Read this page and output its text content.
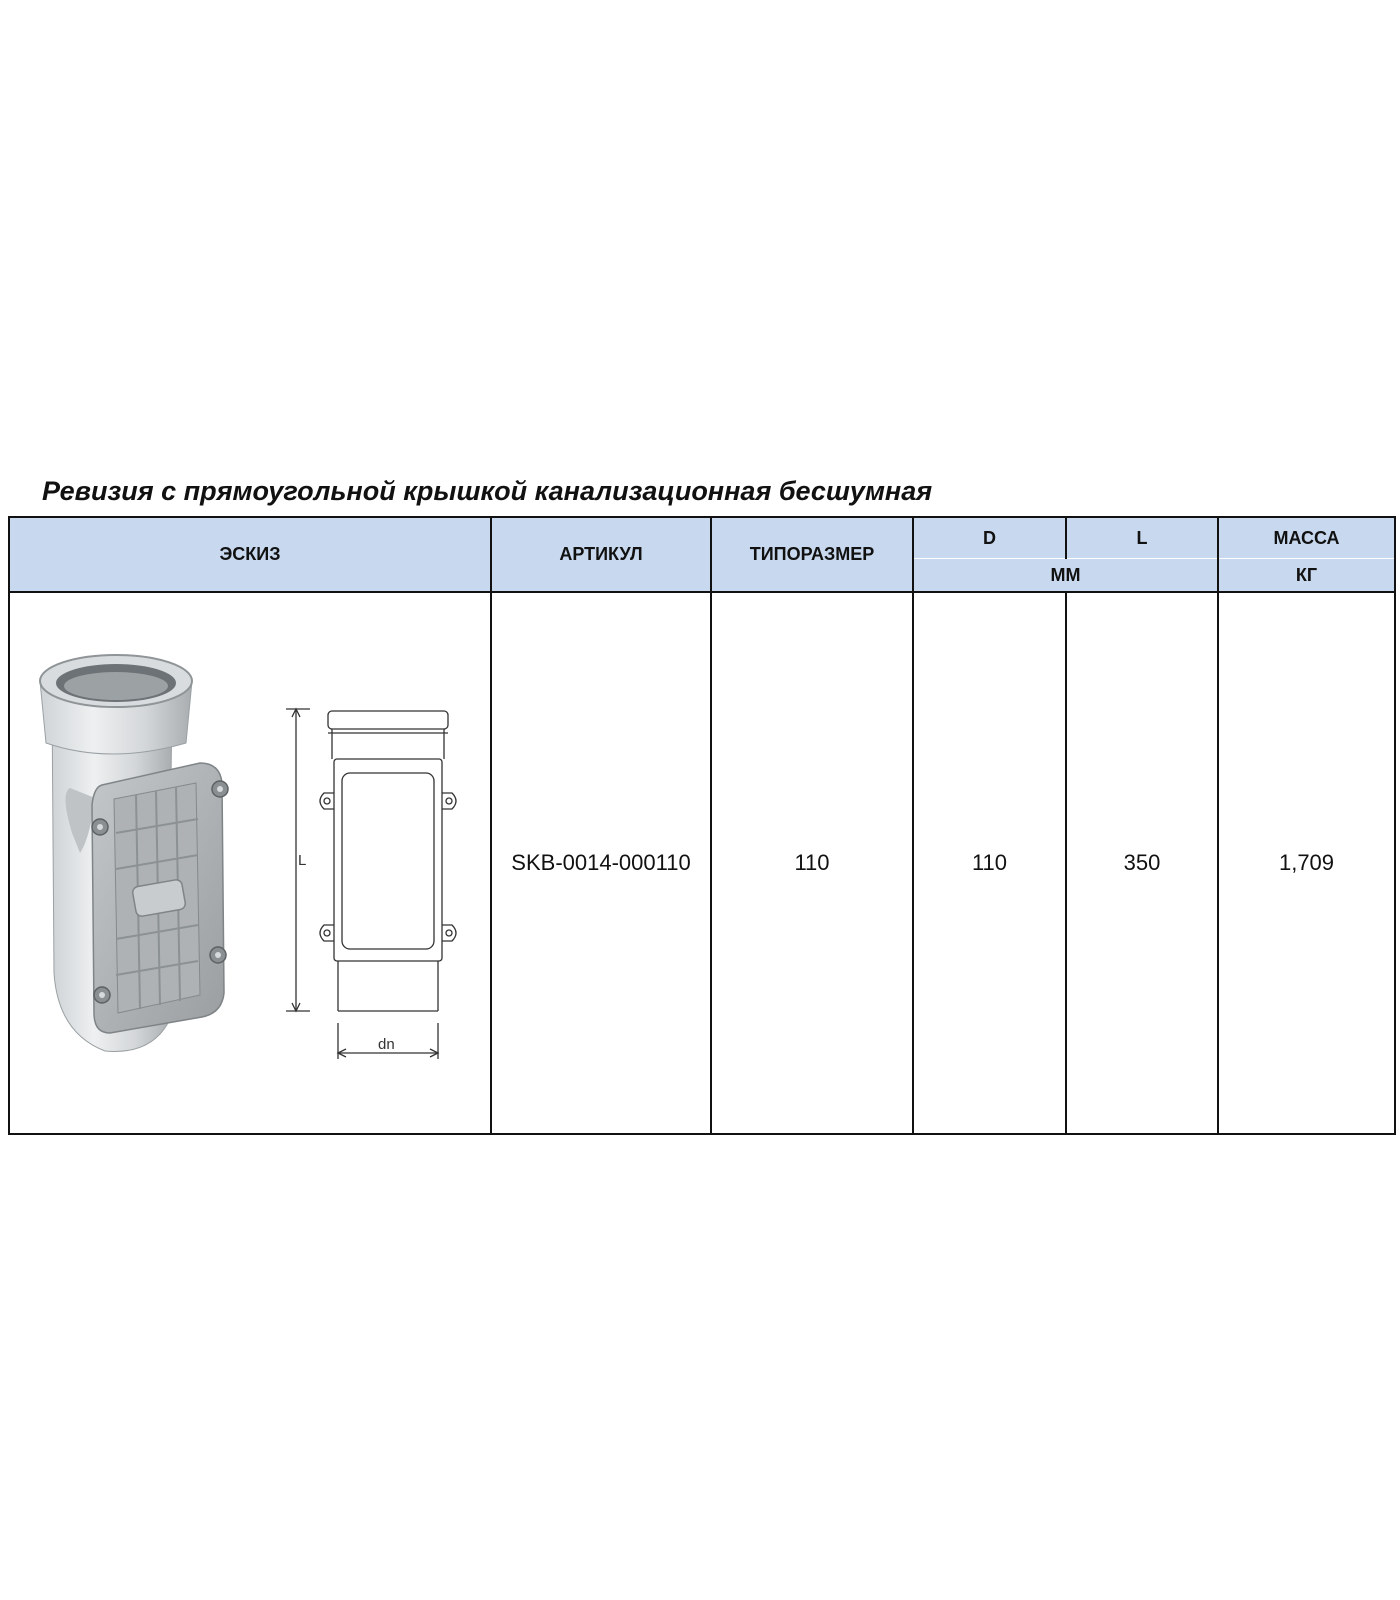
Ревизия с прямоугольной крышкой канализационная бесшумная
ЭСКИЗ	АРТИКУЛ	ТИПОРАЗМЕР	D	L	МАССА
			ММ		КГ

L
dn	SKB-0014-000110	110	110	350	1,709
